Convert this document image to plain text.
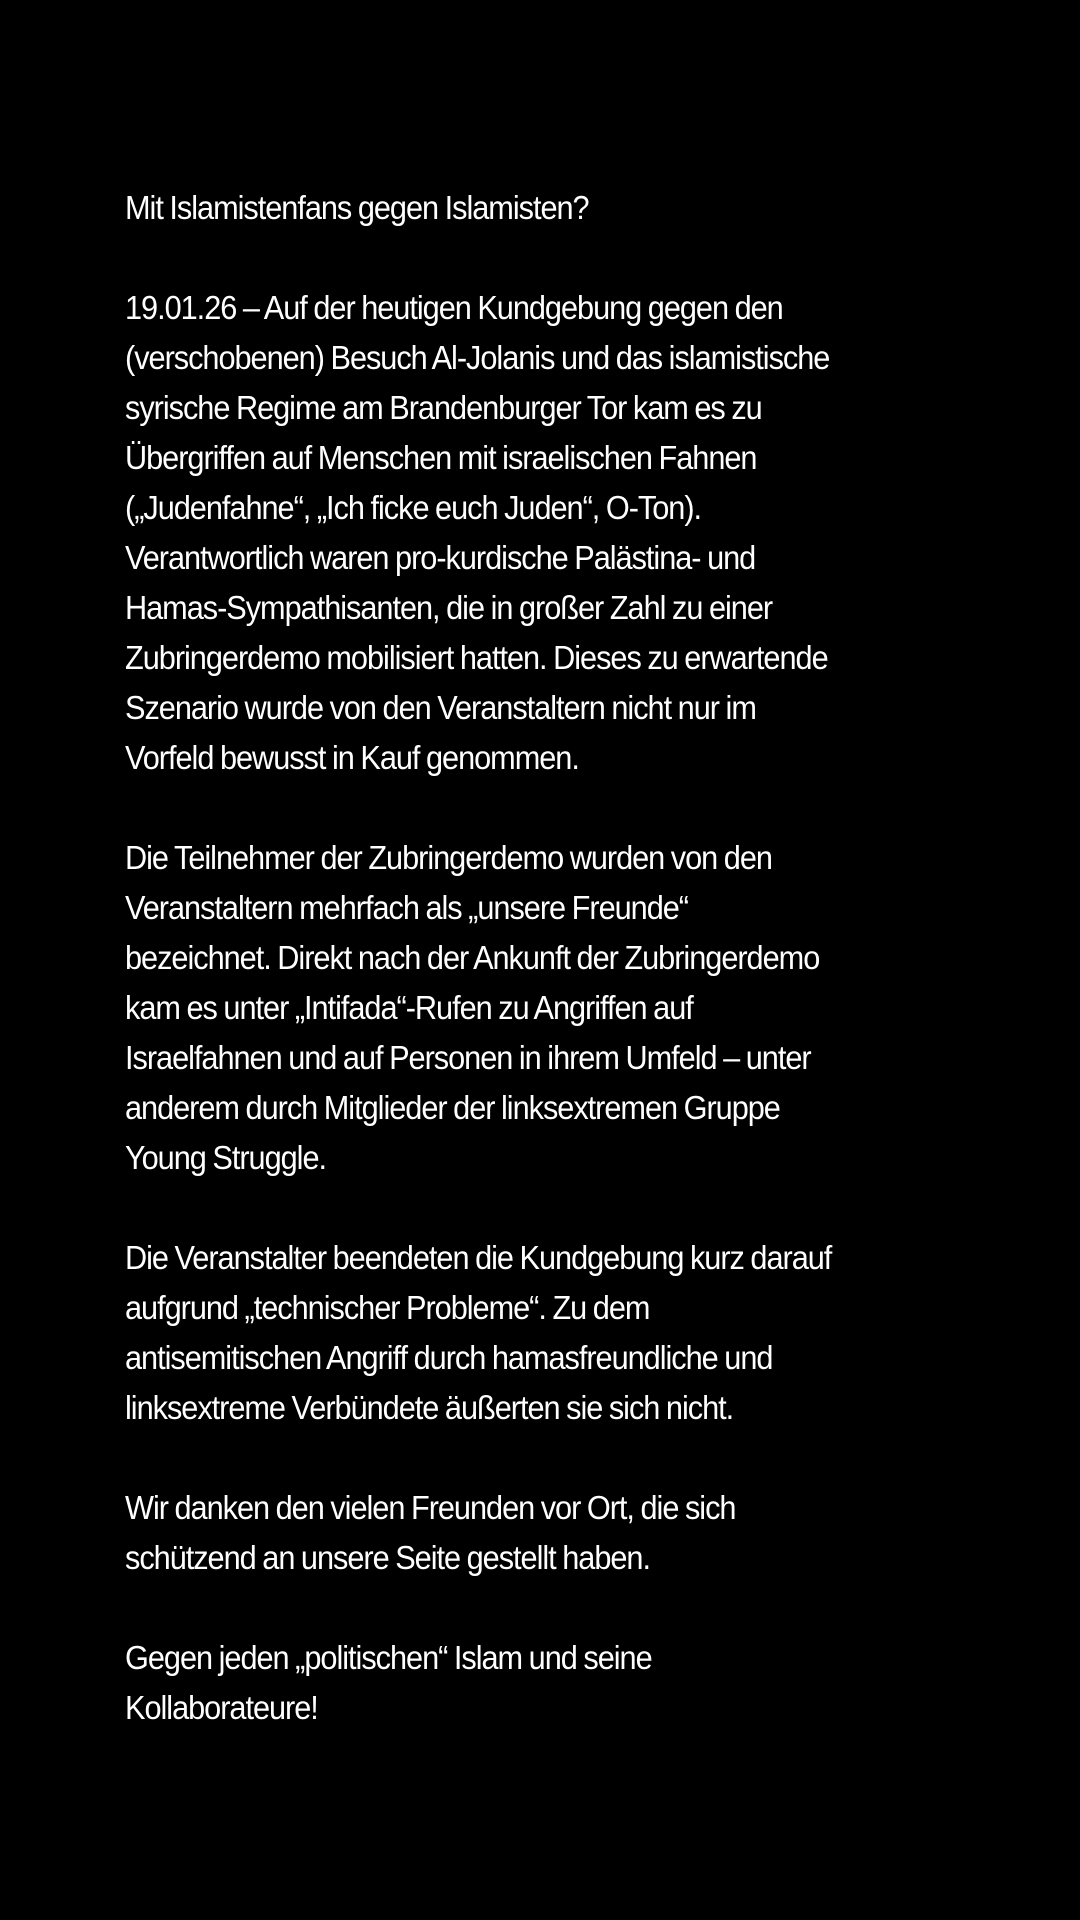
Mit Islamistenfans gegen Islamisten?

19.01.26 – Auf der heutigen Kundgebung gegen den
(verschobenen) Besuch Al-Jolanis und das islamistische
syrische Regime am Brandenburger Tor kam es zu
Übergriffen auf Menschen mit israelischen Fahnen
(„Judenfahne“, „Ich ficke euch Juden“, O-Ton).
Verantwortlich waren pro-kurdische Palästina- und
Hamas-Sympathisanten, die in großer Zahl zu einer
Zubringerdemo mobilisiert hatten. Dieses zu erwartende
Szenario wurde von den Veranstaltern nicht nur im
Vorfeld bewusst in Kauf genommen.

Die Teilnehmer der Zubringerdemo wurden von den
Veranstaltern mehrfach als „unsere Freunde“
bezeichnet. Direkt nach der Ankunft der Zubringerdemo
kam es unter „Intifada“-Rufen zu Angriffen auf
Israelfahnen und auf Personen in ihrem Umfeld – unter
anderem durch Mitglieder der linksextremen Gruppe
Young Struggle.

Die Veranstalter beendeten die Kundgebung kurz darauf
aufgrund „technischer Probleme“. Zu dem
antisemitischen Angriff durch hamasfreundliche und
linksextreme Verbündete äußerten sie sich nicht.

Wir danken den vielen Freunden vor Ort, die sich
schützend an unsere Seite gestellt haben.

Gegen jeden „politischen“ Islam und seine
Kollaborateure!
